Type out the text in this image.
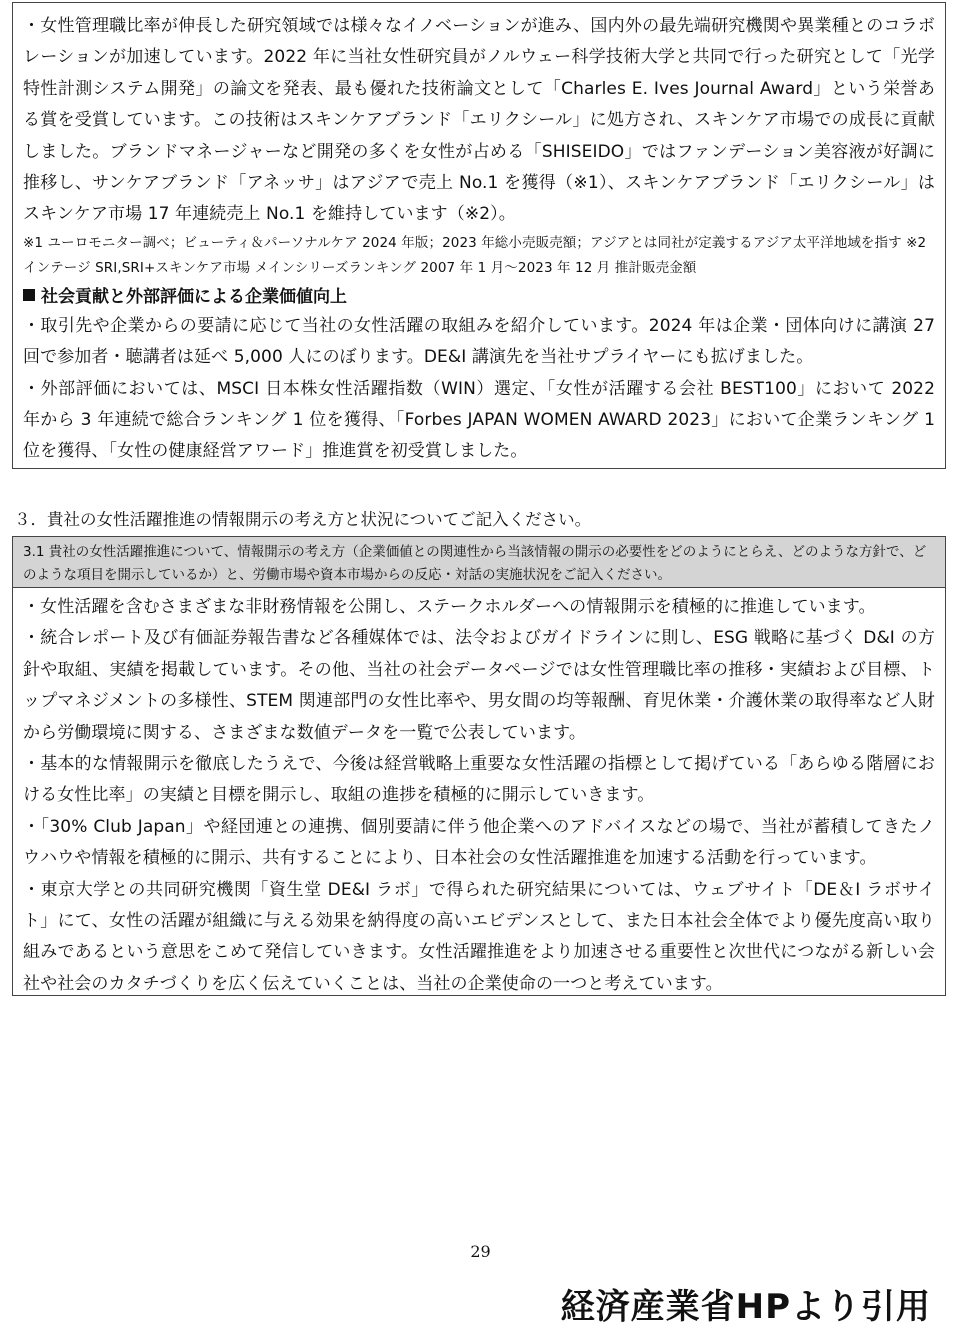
・女性管理職比率が伸長した研究領域では様々なイノベーションが進み、国内外の最先端研究機関や異業種とのコラボレーションが加速しています。2022 年に当社女性研究員がノルウェー科学技術大学と共同で行った研究として「光学特性計測システム開発」の論文を発表、最も優れた技術論文として「Charles E. Ives Journal Award」という栄誉ある賞を受賞しています。この技術はスキンケアブランド「エリクシール」に処方され、スキンケア市場での成長に貢献しました。ブランドマネージャーなど開発の多くを女性が占める「SHISEIDO」ではファンデーション美容液が好調に推移し、サンケアブランド「アネッサ」はアジアで売上 No.1 を獲得（※1）、スキンケアブランド「エリクシール」はスキンケア市場 17 年連続売上 No.1 を維持しています（※2）。

※1 ユーロモニター調べ；ビューティ＆パーソナルケア 2024 年版；2023 年総小売販売額；アジアとは同社が定義するアジア太平洋地域を指す ※2 インテージ SRI,SRI+スキンケア市場 メインシリーズランキング 2007 年 1 月～2023 年 12 月 推計販売金額

社会貢献と外部評価による企業価値向上

・取引先や企業からの要請に応じて当社の女性活躍の取組みを紹介しています。2024 年は企業・団体向けに講演 27 回で参加者・聴講者は延べ 5,000 人にのぼります。DE&I 講演先を当社サプライヤーにも拡げました。

・外部評価においては、MSCI 日本株女性活躍指数（WIN）選定、「女性が活躍する会社 BEST100」において 2022 年から 3 年連続で総合ランキング 1 位を獲得、「Forbes JAPAN WOMEN AWARD 2023」において企業ランキング 1 位を獲得、「女性の健康経営アワード」推進賞を初受賞しました。

３．貴社の女性活躍推進の情報開示の考え方と状況についてご記入ください。

3.1 貴社の女性活躍推進について、情報開示の考え方（企業価値との関連性から当該情報の開示の必要性をどのようにとらえ、どのような方針で、どのような項目を開示しているか）と、労働市場や資本市場からの反応・対話の実施状況をご記入ください。

・女性活躍を含むさまざまな非財務情報を公開し、ステークホルダーへの情報開示を積極的に推進しています。

・統合レポート及び有価証券報告書など各種媒体では、法令およびガイドラインに則し、ESG 戦略に基づく D&I の方針や取組、実績を掲載しています。その他、当社の社会データページでは女性管理職比率の推移・実績および目標、トップマネジメントの多様性、STEM 関連部門の女性比率や、男女間の均等報酬、育児休業・介護休業の取得率など人財から労働環境に関する、さまざまな数値データを一覧で公表しています。

・基本的な情報開示を徹底したうえで、今後は経営戦略上重要な女性活躍の指標として掲げている「あらゆる階層における女性比率」の実績と目標を開示し、取組の進捗を積極的に開示していきます。

・「30% Club Japan」や経団連との連携、個別要請に伴う他企業へのアドバイスなどの場で、当社が蓄積してきたノウハウや情報を積極的に開示、共有することにより、日本社会の女性活躍推進を加速する活動を行っています。

・東京大学との共同研究機関「資生堂 DE&I ラボ」で得られた研究結果については、ウェブサイト「DE＆I ラボサイト」にて、女性の活躍が組織に与える効果を納得度の高いエビデンスとして、また日本社会全体でより優先度高い取り組みであるという意思をこめて発信していきます。女性活躍推進をより加速させる重要性と次世代につながる新しい会社や社会のカタチづくりを広く伝えていくことは、当社の企業使命の一つと考えています。

29

経済産業省HPより引用
